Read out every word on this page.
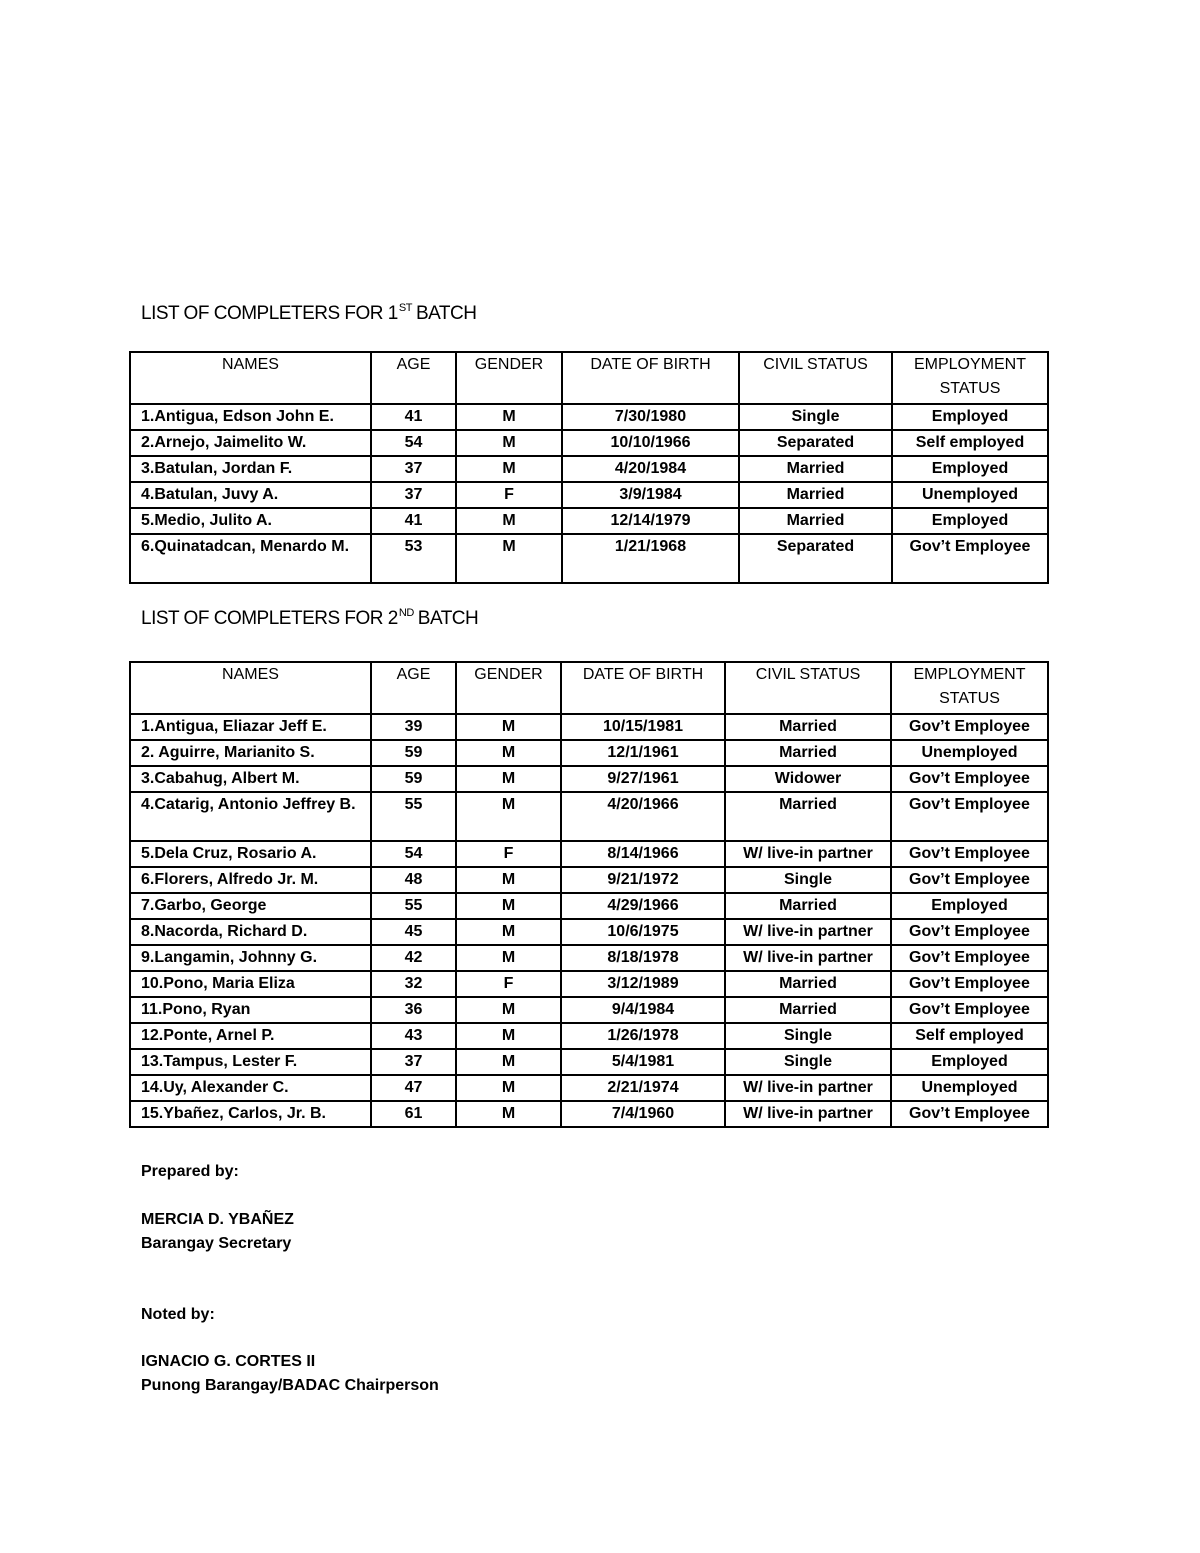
LIST OF COMPLETERS FOR 1ST BATCH
NAMES	AGE	GENDER	DATE OF BIRTH	CIVIL STATUS	EMPLOYMENT STATUS
1.Antigua, Edson John E.	41	M	7/30/1980	Single	Employed
2.Arnejo, Jaimelito W.	54	M	10/10/1966	Separated	Self employed
3.Batulan, Jordan F.	37	M	4/20/1984	Married	Employed
4.Batulan, Juvy A.	37	F	3/9/1984	Married	Unemployed
5.Medio, Julito A.	41	M	12/14/1979	Married	Employed
6.Quinatadcan, Menardo M.	53	M	1/21/1968	Separated	Gov’t Employee
LIST OF COMPLETERS FOR 2ND BATCH
NAMES	AGE	GENDER	DATE OF BIRTH	CIVIL STATUS	EMPLOYMENT STATUS
1.Antigua, Eliazar Jeff E.	39	M	10/15/1981	Married	Gov’t Employee
2. Aguirre, Marianito S.	59	M	12/1/1961	Married	Unemployed
3.Cabahug, Albert M.	59	M	9/27/1961	Widower	Gov’t Employee
4.Catarig, Antonio Jeffrey B.	55	M	4/20/1966	Married	Gov’t Employee
5.Dela Cruz, Rosario A.	54	F	8/14/1966	W/ live-in partner	Gov’t Employee
6.Florers, Alfredo Jr. M.	48	M	9/21/1972	Single	Gov’t Employee
7.Garbo, George	55	M	4/29/1966	Married	Employed
8.Nacorda, Richard D.	45	M	10/6/1975	W/ live-in partner	Gov’t Employee
9.Langamin, Johnny G.	42	M	8/18/1978	W/ live-in partner	Gov’t Employee
10.Pono, Maria Eliza	32	F	3/12/1989	Married	Gov’t Employee
11.Pono, Ryan	36	M	9/4/1984	Married	Gov’t Employee
12.Ponte, Arnel P.	43	M	1/26/1978	Single	Self employed
13.Tampus, Lester F.	37	M	5/4/1981	Single	Employed
14.Uy, Alexander C.	47	M	2/21/1974	W/ live-in partner	Unemployed
15.Ybañez, Carlos, Jr. B.	61	M	7/4/1960	W/ live-in partner	Gov’t Employee
Prepared by:
MERCIA D. YBAÑEZ
Barangay Secretary
Noted by:
IGNACIO G. CORTES II
Punong Barangay/BADAC Chairperson
